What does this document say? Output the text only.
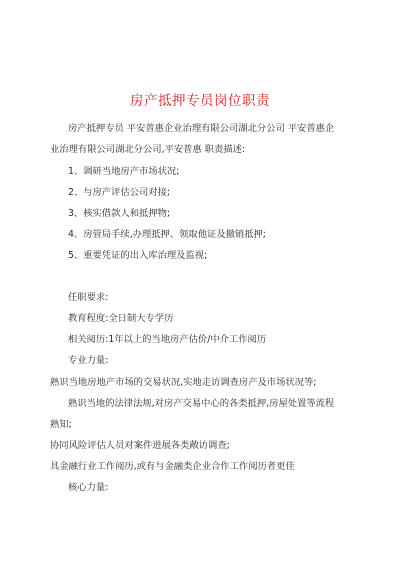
房产抵押专员岗位职责
房产抵押专员 平安普惠企业治理有限公司湖北分公司 平安普惠企
业治理有限公司湖北分公司,平安普惠 职责描述:
1、调研当地房产市场状况;
2、与房产评估公司对接;
3、核实借款人和抵押物;
4、房管局手续,办理抵押、领取他证及撤销抵押;
5、重要凭证的出入库治理及监视;
任职要求:
教育程度:全日制大专学历
相关阅历:1年以上的当地房产估价/中介工作阅历
专业力量:
熟识当地房地产市场的交易状况,实地走访调查房产及市场状况等;
熟识当地的法律法规,对房产交易中心的各类抵押,房屋处置等流程
熟知;
协同风险评估人员对案件进展各类敞访调查;
具金融行业工作阅历,或有与金融类企业合作工作阅历者更佳
核心力量:
